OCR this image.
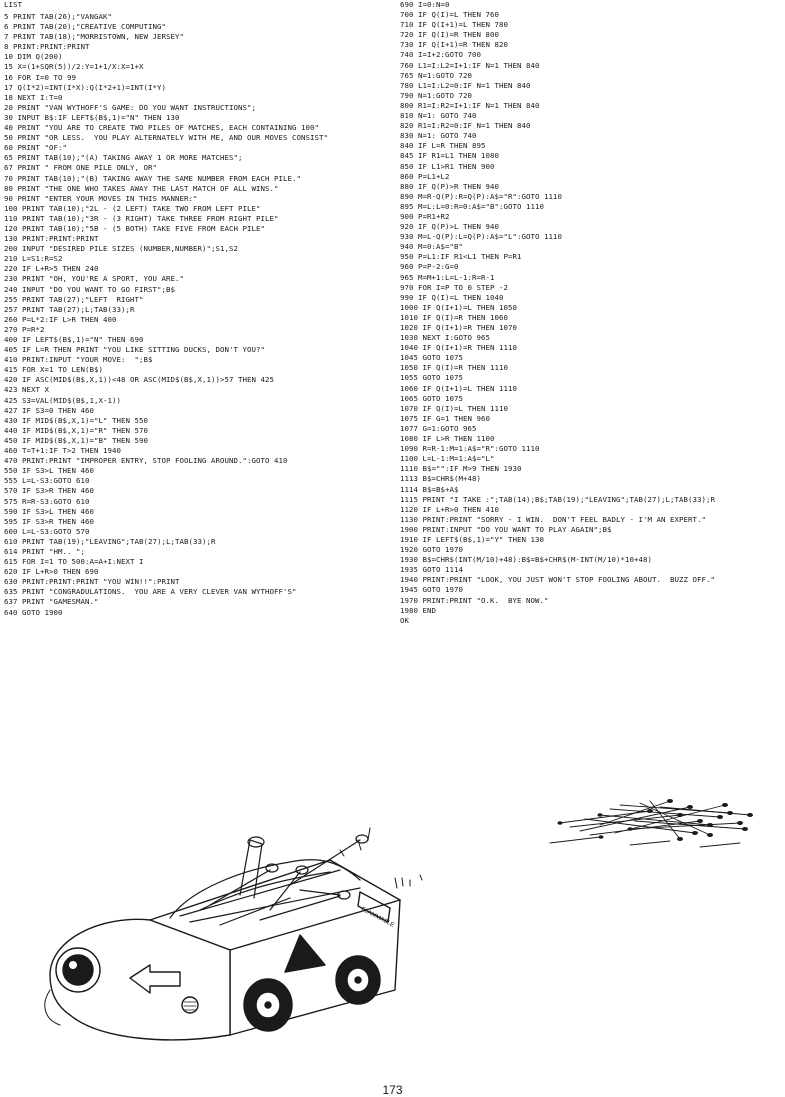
LIST
5 PRINT TAB(26);"VANGAK"
6 PRINT TAB(20);"CREATIVE COMPUTING"
7 PRINT TAB(18);"MORRISTOWN, NEW JERSEY"
8 PRINT:PRINT:PRINT
10 DIM Q(200)
15 X=(1+SQR(5))/2:Y=1+1/X:X=1+X
16 FOR I=0 TO 99
17 Q(I*2)=INT(I*X):Q(I*2+1)=INT(I*Y)
18 NEXT I:T=0
20 PRINT "VAN WYTHOFF'S GAME: DO YOU WANT INSTRUCTIONS";
30 INPUT B$:IF LEFT$(B$,1)="N" THEN 130
40 PRINT "YOU ARE TO CREATE TWO PILES OF MATCHES, EACH CONTAINING 100"
50 PRINT "OR LESS.  YOU PLAY ALTERNATELY WITH ME, AND OUR MOVES CONSIST"
60 PRINT "OF:"
65 PRINT TAB(10);"(A) TAKING AWAY 1 OR MORE MATCHES";
67 PRINT " FROM ONE PILE ONLY, OR"
70 PRINT TAB(10);"(B) TAKING AWAY THE SAME NUMBER FROM EACH PILE."
80 PRINT "THE ONE WHO TAKES AWAY THE LAST MATCH OF ALL WINS."
90 PRINT "ENTER YOUR MOVES IN THIS MANNER:"
100 PRINT TAB(10);"2L - (2 LEFT) TAKE TWO FROM LEFT PILE"
110 PRINT TAB(10);"3R - (3 RIGHT) TAKE THREE FROM RIGHT PILE"
120 PRINT TAB(10);"5B - (5 BOTH) TAKE FIVE FROM EACH PILE"
130 PRINT:PRINT:PRINT
200 INPUT "DESIRED PILE SIZES (NUMBER,NUMBER)";S1,S2
210 L=S1:R=S2
220 IF L+R>5 THEN 240
230 PRINT "OH, YOU'RE A SPORT, YOU ARE."
240 INPUT "DO YOU WANT TO GO FIRST";B$
255 PRINT TAB(27);"LEFT  RIGHT"
257 PRINT TAB(27);L;TAB(33);R
260 P=L*2:IF L>R THEN 400
270 P=R*2
400 IF LEFT$(B$,1)="N" THEN 690
405 IF L=R THEN PRINT "YOU LIKE SITTING DUCKS, DON'T YOU?"
410 PRINT:INPUT "YOUR MOVE:  ";B$
415 FOR X=1 TO LEN(B$)
420 IF ASC(MID$(B$,X,1))<48 OR ASC(MID$(B$,X,1))>57 THEN 425
423 NEXT X
425 S3=VAL(MID$(B$,1,X-1))
427 IF S3=0 THEN 460
430 IF MID$(B$,X,1)="L" THEN 550
440 IF MID$(B$,X,1)="R" THEN 570
450 IF MID$(B$,X,1)="B" THEN 590
460 T=T+1:IF T>2 THEN 1940
470 PRINT:PRINT "IMPROPER ENTRY, STOP FOOLING AROUND.":GOTO 410
550 IF S3>L THEN 460
555 L=L-S3:GOTO 610
570 IF S3>R THEN 460
575 R=R-S3:GOTO 610
590 IF S3>L THEN 460
595 IF S3>R THEN 460
600 L=L-S3:GOTO 570
610 PRINT TAB(19);"LEAVING";TAB(27);L;TAB(33);R
614 PRINT "HM.. ";
615 FOR I=1 TO 500:A=A+I:NEXT I
620 IF L+R>0 THEN 690
630 PRINT:PRINT:PRINT "YOU WIN!!":PRINT
635 PRINT "CONGRADULATIONS.  YOU ARE A VERY CLEVER VAN WYTHOFF'S"
637 PRINT "GAMESMAN."
640 GOTO 1900
690 I=0:N=0
700 IF Q(I)=L THEN 760
710 IF Q(I+1)=L THEN 780
720 IF Q(I)=R THEN 800
730 IF Q(I+1)=R THEN 820
740 I=I+2:GOTO 700
760 L1=I:L2=I+1:IF N=1 THEN 840
765 N=1:GOTO 720
780 L1=I:L2=0:IF N=1 THEN 840
790 N=1:GOTO 720
800 R1=I:R2=I+1:IF N=1 THEN 840
810 N=1: GOTO 740
820 R1=I:R2=0:IF N=1 THEN 840
830 N=1: GOTO 740
840 IF L=R THEN 895
845 IF R1=L1 THEN 1080
850 IF L1>R1 THEN 900
860 P=L1+L2
880 IF Q(P)>R THEN 940
890 M=R-Q(P):R=Q(P):A$="R":GOTO 1110
895 M=L:L=0:R=0:A$="B":GOTO 1110
900 P=R1+R2
920 IF Q(P)>L THEN 940
930 M=L-Q(P):L=Q(P):A$="L":GOTO 1110
940 M=0:A$="B"
950 P=L1:IF R1<L1 THEN P=R1
960 P=P-2:G=0
965 M=M+1:L=L-1:R=R-1
970 FOR I=P TO 0 STEP -2
990 IF Q(I)=L THEN 1040
1000 IF Q(I+1)=L THEN 1050
1010 IF Q(I)=R THEN 1060
1020 IF Q(I+1)=R THEN 1070
1030 NEXT I:GOTO 965
1040 IF Q(I+1)=R THEN 1110
1045 GOTO 1075
1050 IF Q(I)=R THEN 1110
1055 GOTO 1075
1060 IF Q(I+1)=L THEN 1110
1065 GOTO 1075
1070 IF Q(I)=L THEN 1110
1075 IF G=1 THEN 960
1077 G=1:GOTO 965
1080 IF L>R THEN 1100
1090 R=R-1:M=1:A$="R":GOTO 1110
1100 L=L-1:M=1:A$="L"
1110 B$="":IF M>9 THEN 1930
1113 B$=CHR$(M+48)
1114 B$=B$+A$
1115 PRINT "I TAKE :";TAB(14);B$;TAB(19);"LEAVING";TAB(27);L;TAB(33);R
1120 IF L+R>0 THEN 410
1130 PRINT:PRINT "SORRY - I WIN.  DON'T FEEL BADLY - I'M AN EXPERT."
1900 PRINT:INPUT "DO YOU WANT TO PLAY AGAIN";B$
1910 IF LEFT$(B$,1)="Y" THEN 130
1920 GOTO 1970
1930 B$=CHR$(INT(M/10)+48):B$=B$+CHR$(M-INT(M/10)*10+48)
1935 GOTO 1114
1940 PRINT:PRINT "LOOK, YOU JUST WON'T STOP FOOLING ABOUT.  BUZZ OFF."
1945 GOTO 1970
1970 PRINT:PRINT "O.K.  BYE NOW."
1980 END
OK
FLAMMABLE
173
